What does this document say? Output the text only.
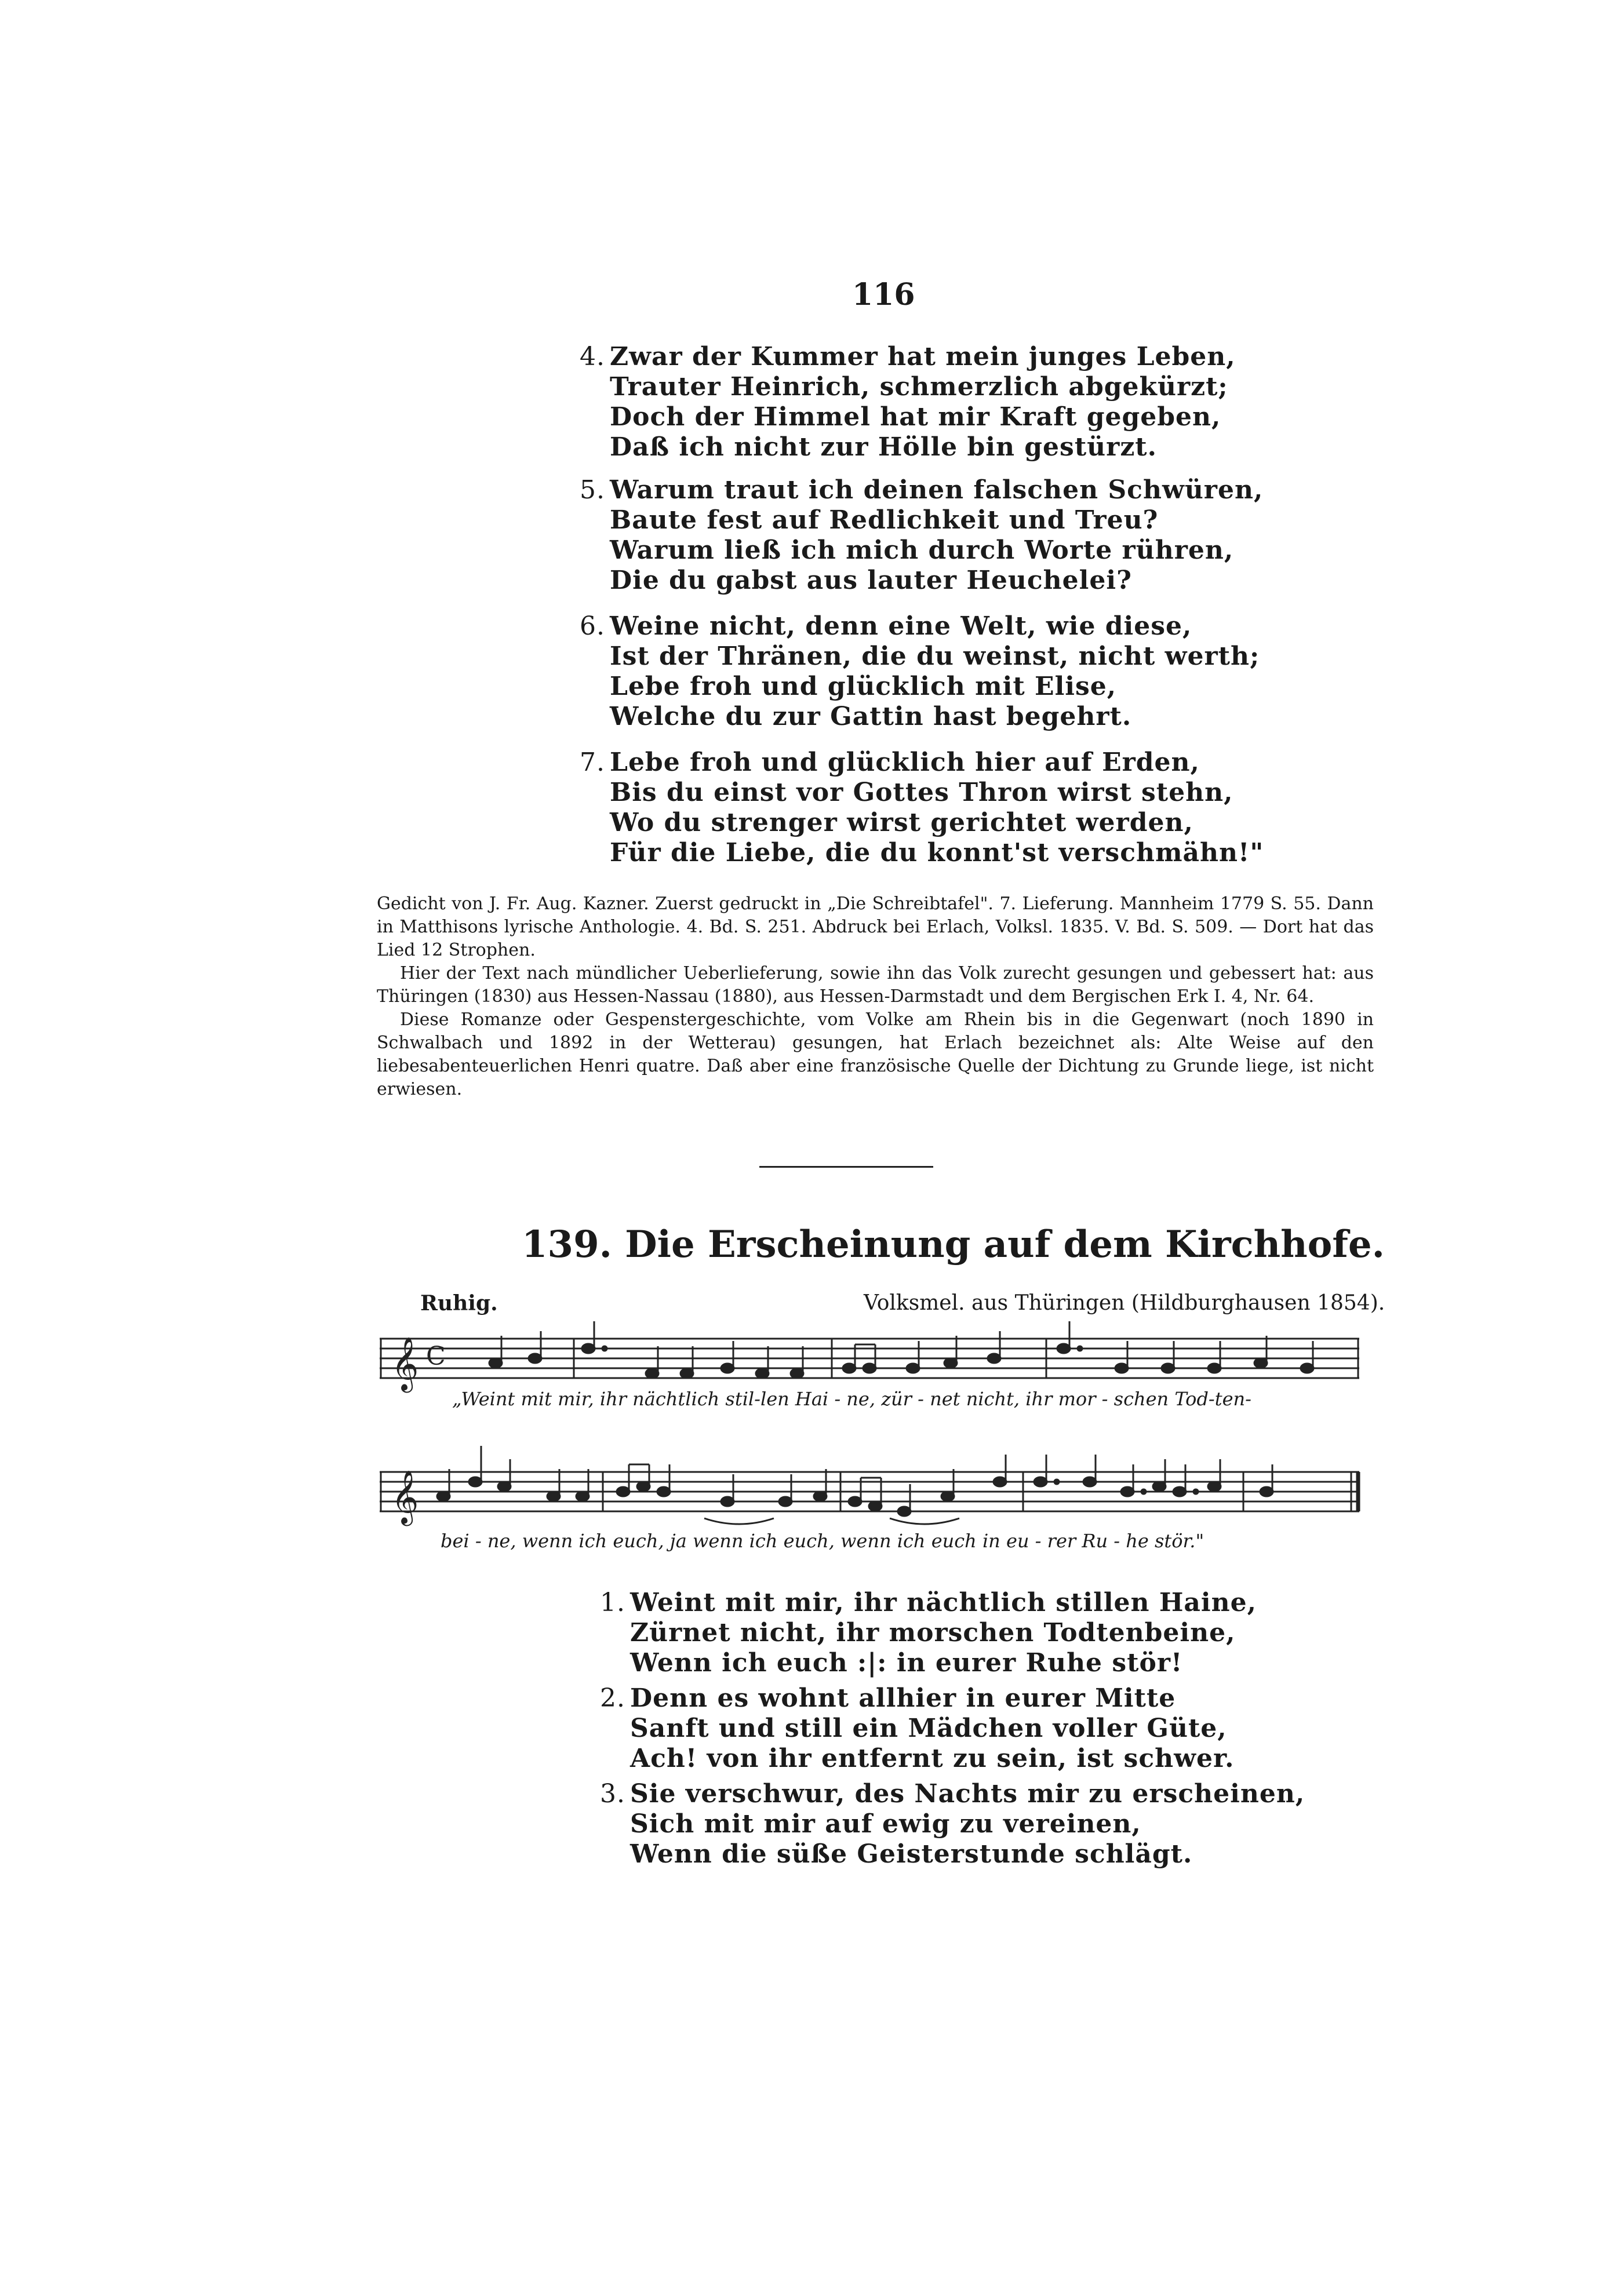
116
4. Zwar der Kummer hat mein junges Leben,
Trauter Heinrich, schmerzlich abgekürzt;
Doch der Himmel hat mir Kraft gegeben,
Daß ich nicht zur Hölle bin gestürzt.
5. Warum traut ich deinen falschen Schwüren,
Baute fest auf Redlichkeit und Treu?
Warum ließ ich mich durch Worte rühren,
Die du gabst aus lauter Heuchelei?
6. Weine nicht, denn eine Welt, wie diese,
Ist der Thränen, die du weinst, nicht werth;
Lebe froh und glücklich mit Elise,
Welche du zur Gattin hast begehrt.
7. Lebe froh und glücklich hier auf Erden,
Bis du einst vor Gottes Thron wirst stehn,
Wo du strenger wirst gerichtet werden,
Für die Liebe, die du konnt'st verschmähn!"

Gedicht von J. Fr. Aug. Kazner. Zuerst gedruckt in „Die Schreibtafel". 7. Lieferung. Mannheim 1779 S. 55. Dann in Matthisons lyrische Anthologie. 4. Bd. S. 251. Abdruck bei Erlach, Volksl. 1835. V. Bd. S. 509. — Dort hat das Lied 12 Strophen.

Hier der Text nach mündlicher Ueberlieferung, sowie ihn das Volk zurecht gesungen und gebessert hat: aus Thüringen (1830) aus Hessen-Nassau (1880), aus Hessen-Darmstadt und dem Bergischen Erk I. 4, Nr. 64.

Diese Romanze oder Gespenstergeschichte, vom Volke am Rhein bis in die Gegenwart (noch 1890 in Schwalbach und 1892 in der Wetterau) gesungen, hat Erlach bezeichnet als: Alte Weise auf den liebesabenteuerlichen Henri quatre. Daß aber eine französische Quelle der Dichtung zu Grunde liege, ist nicht erwiesen.

139. Die Erscheinung auf dem Kirchhofe.
Ruhig.	Volksmel. aus Thüringen (Hildburghausen 1854).
𝄞 C
„Weint mit mir, ihr nächtlich stil-len Hai - ne, zür - net nicht, ihr mor - schen Tod-ten-
𝄞
bei - ne, wenn ich euch, ja wenn ich euch, wenn ich euch in eu - rer Ru - he stör."
1. Weint mit mir, ihr nächtlich stillen Haine,
Zürnet nicht, ihr morschen Todtenbeine,
Wenn ich euch :|: in eurer Ruhe stör!
2. Denn es wohnt allhier in eurer Mitte
Sanft und still ein Mädchen voller Güte,
Ach! von ihr entfernt zu sein, ist schwer.
3. Sie verschwur, des Nachts mir zu erscheinen,
Sich mit mir auf ewig zu vereinen,
Wenn die süße Geisterstunde schlägt.
